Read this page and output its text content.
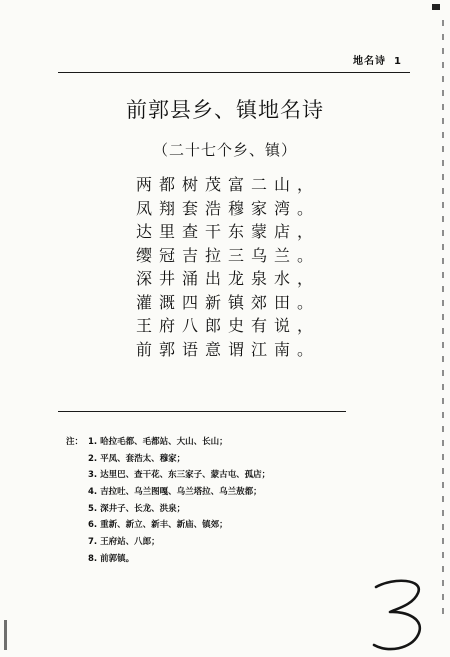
地名诗 1
前郭县乡、镇地名诗
（二十七个乡、镇）
两都树茂富二山，
凤翔套浩穆家湾。
达里查干东蒙店，
缨冠吉拉三乌兰。
深井涌出龙泉水，
灌溉四新镇郊田。
王府八郎史有说，
前郭语意谓江南。
注： 1. 哈拉毛都、毛都站、大山、长山；
2. 平凤、套浩太、穆家；
3. 达里巴、查干花、东三家子、蒙古屯、孤店；
4. 吉拉吐、乌兰图嘎、乌兰塔拉、乌兰敖都；
5. 深井子、长龙、洪泉；
6. 重新、新立、新丰、新庙、镇郊；
7. 王府站、八郎；
8. 前郭镇。
